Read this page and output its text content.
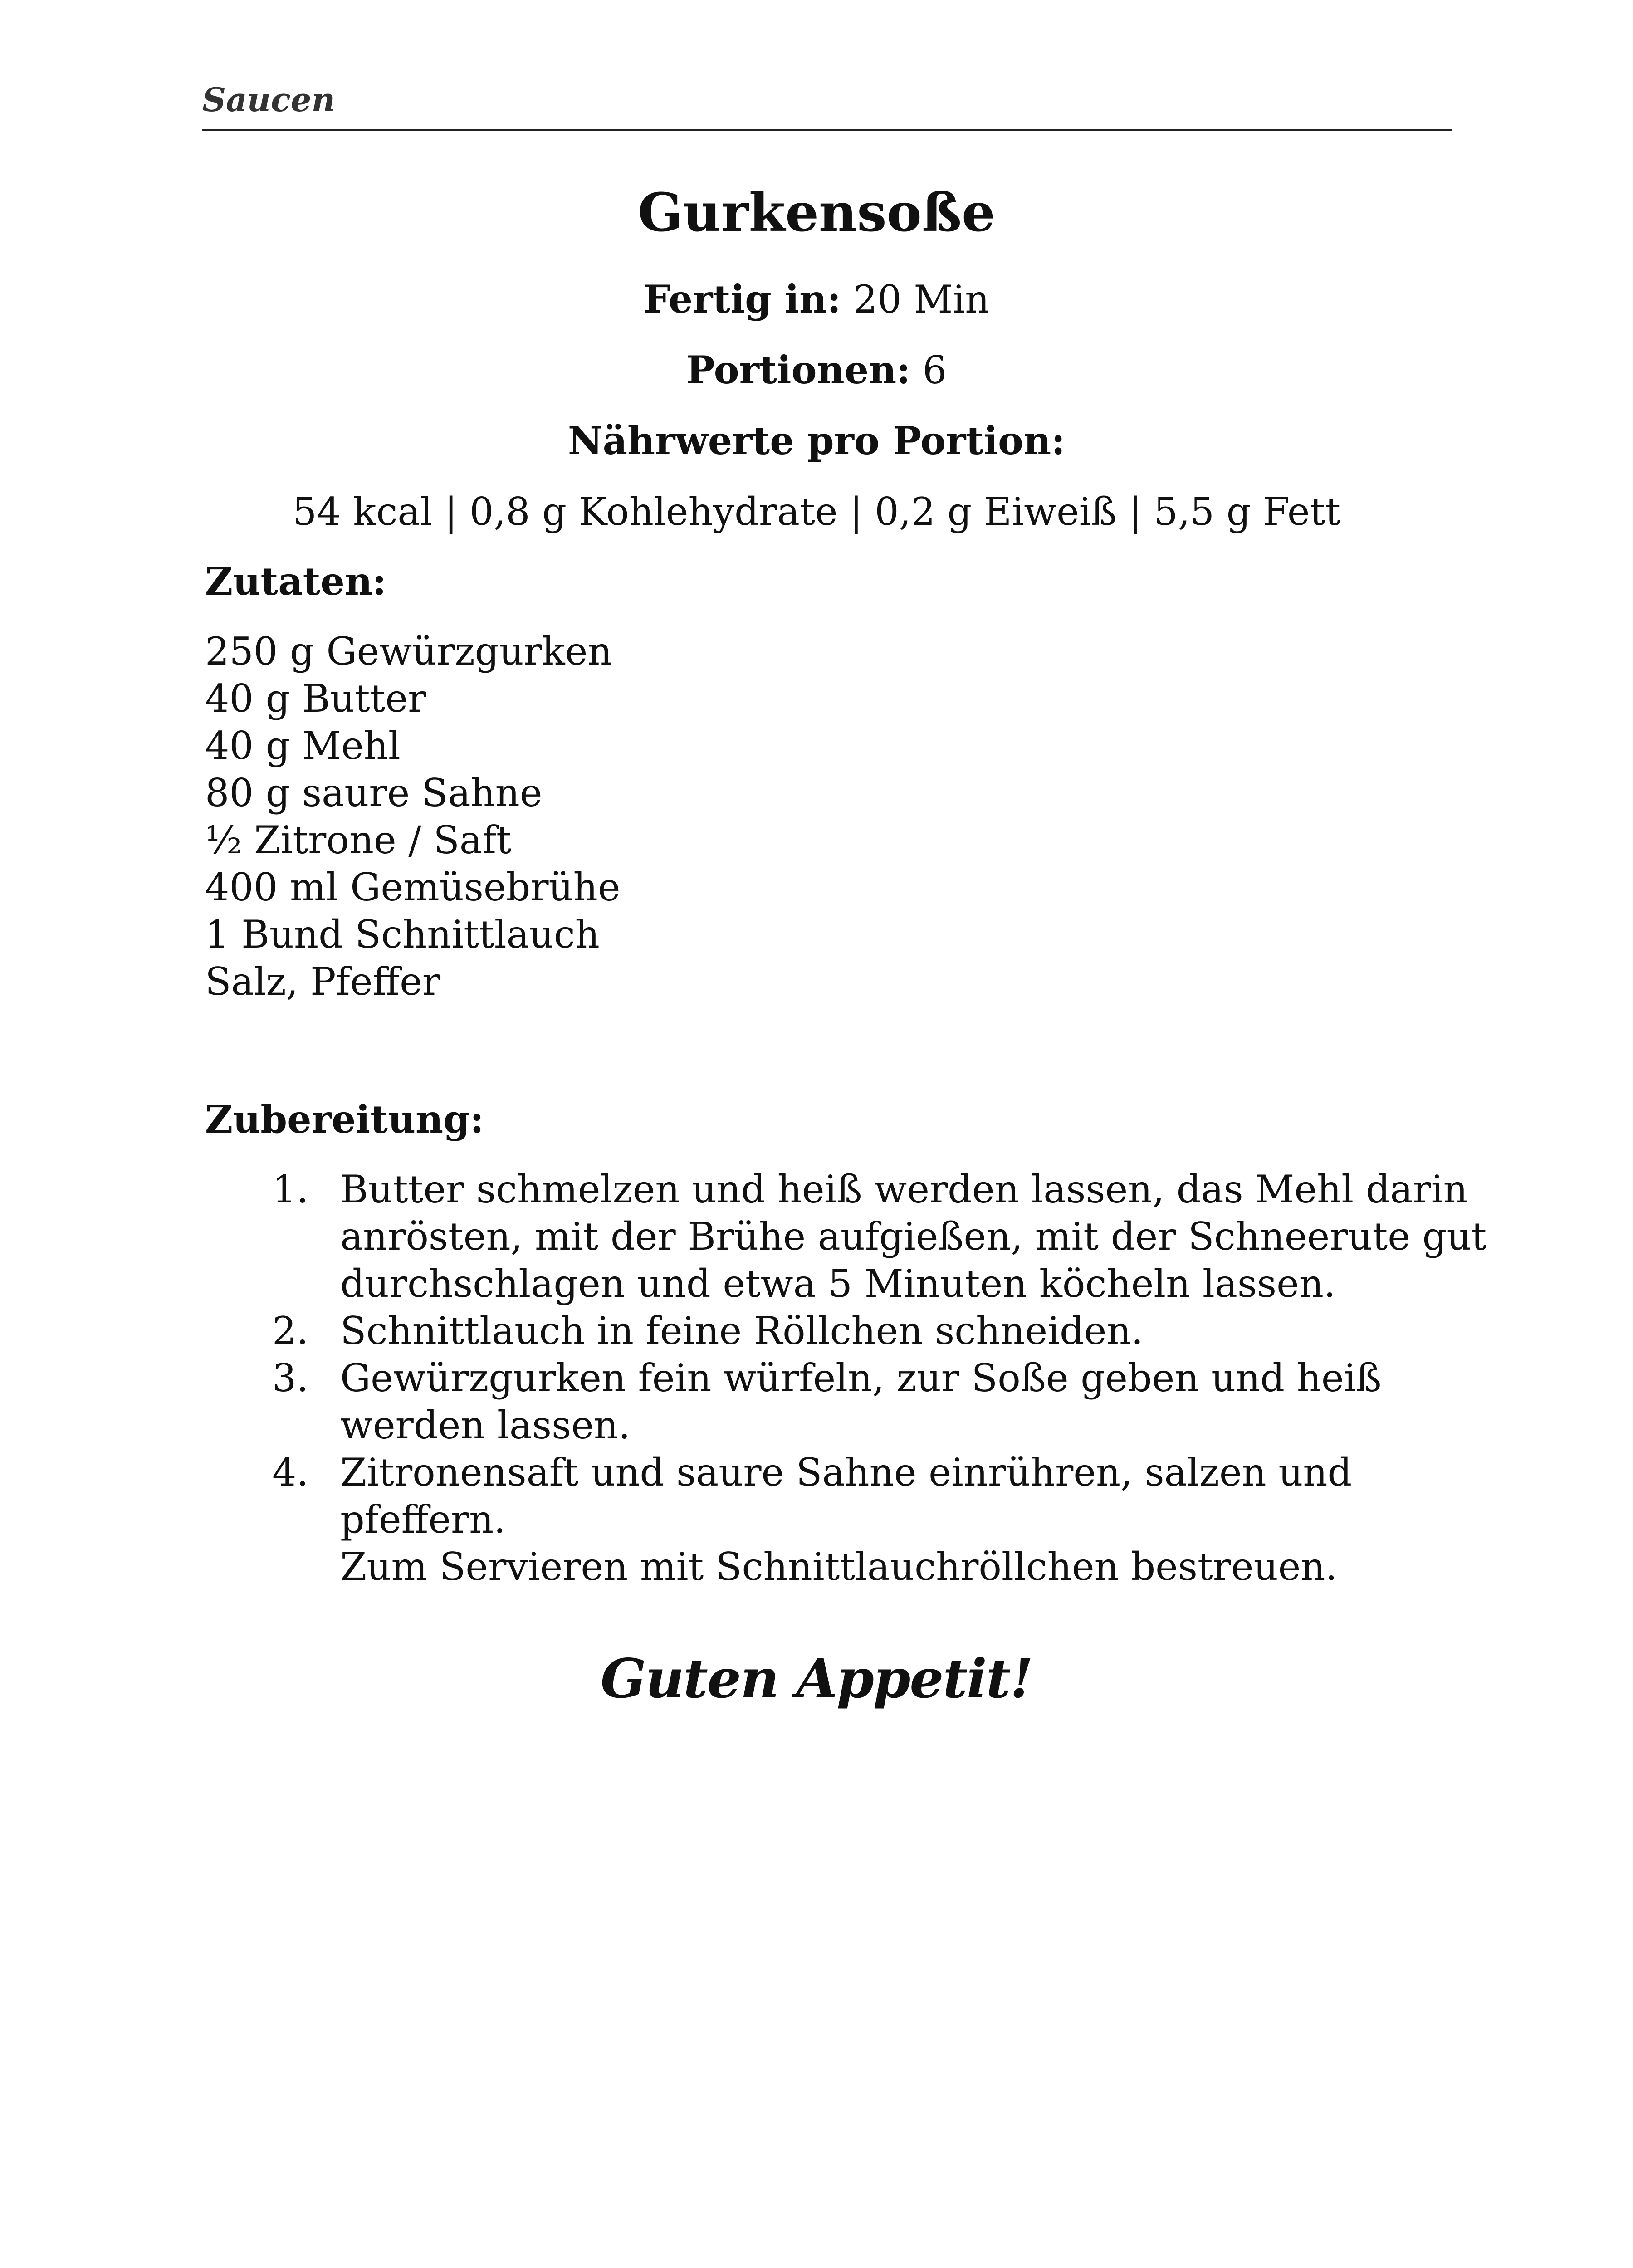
Saucen
Gurkensoße
Fertig in: 20 Min
Portionen: 6
Nährwerte pro Portion:
54 kcal | 0,8 g Kohlehydrate | 0,2 g Eiweiß | 5,5 g Fett
Zutaten:
250 g Gewürzgurken
40 g Butter
40 g Mehl
80 g saure Sahne
½ Zitrone / Saft
400 ml Gemüsebrühe
1 Bund Schnittlauch
Salz, Pfeffer
Zubereitung:
1. Butter schmelzen und heiß werden lassen, das Mehl darin
anrösten, mit der Brühe aufgießen, mit der Schneerute gut
durchschlagen und etwa 5 Minuten köcheln lassen.
2. Schnittlauch in feine Röllchen schneiden.
3. Gewürzgurken fein würfeln, zur Soße geben und heiß
werden lassen.
4. Zitronensaft und saure Sahne einrühren, salzen und
pfeffern.
Zum Servieren mit Schnittlauchröllchen bestreuen.
Guten Appetit!
